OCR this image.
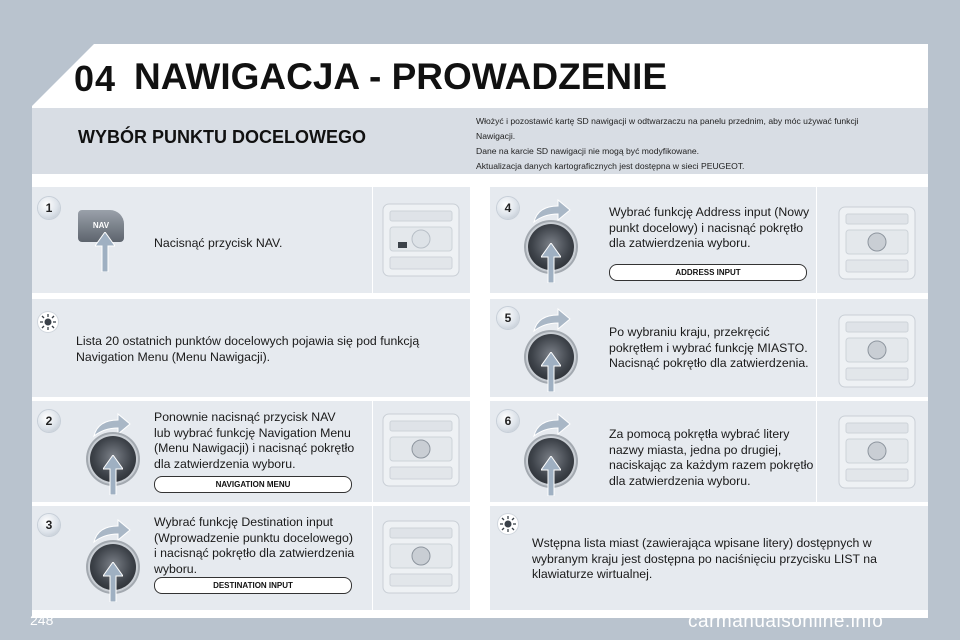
04 NAWIGACJA - PROWADZENIE
WYBÓR PUNKTU DOCELOWEGO
Włożyć i pozostawić kartę SD nawigacji w odtwarzaczu na panelu przednim, aby móc używać funkcji
Nawigacji.
Dane na karcie SD nawigacji nie mogą być modyfikowane.
Aktualizacja danych kartograficznych jest dostępna w sieci PEUGEOT.
1
NAV
Nacisnąć przycisk NAV.
Lista 20 ostatnich punktów docelowych pojawia się pod funkcją
Navigation Menu (Menu Nawigacji).
2	Ponownie nacisnąć przycisk NAV
lub wybrać funkcję Navigation Menu
(Menu Nawigacji) i nacisnąć pokrętło
dla zatwierdzenia wyboru.
NAVIGATION MENU
3	Wybrać funkcję Destination input
(Wprowadzenie punktu docelowego)
i nacisnąć pokrętło dla zatwierdzenia
wyboru.
DESTINATION INPUT
4	Wybrać funkcję Address input (Nowy
punkt docelowy) i nacisnąć pokrętło
dla zatwierdzenia wyboru.
ADDRESS INPUT
5
Po wybraniu kraju, przekręcić
pokrętłem i wybrać funkcję MIASTO.
Nacisnąć pokrętło dla zatwierdzenia.
6
Za pomocą pokrętła wybrać litery
nazwy miasta, jedna po drugiej,
naciskając za każdym razem pokrętło
dla zatwierdzenia wyboru.
Wstępna lista miast (zawierająca wpisane litery) dostępnych w
wybranym kraju jest dostępna po naciśnięciu przycisku LIST na
klawiaturze wirtualnej.
248	carmanualsonline.info
